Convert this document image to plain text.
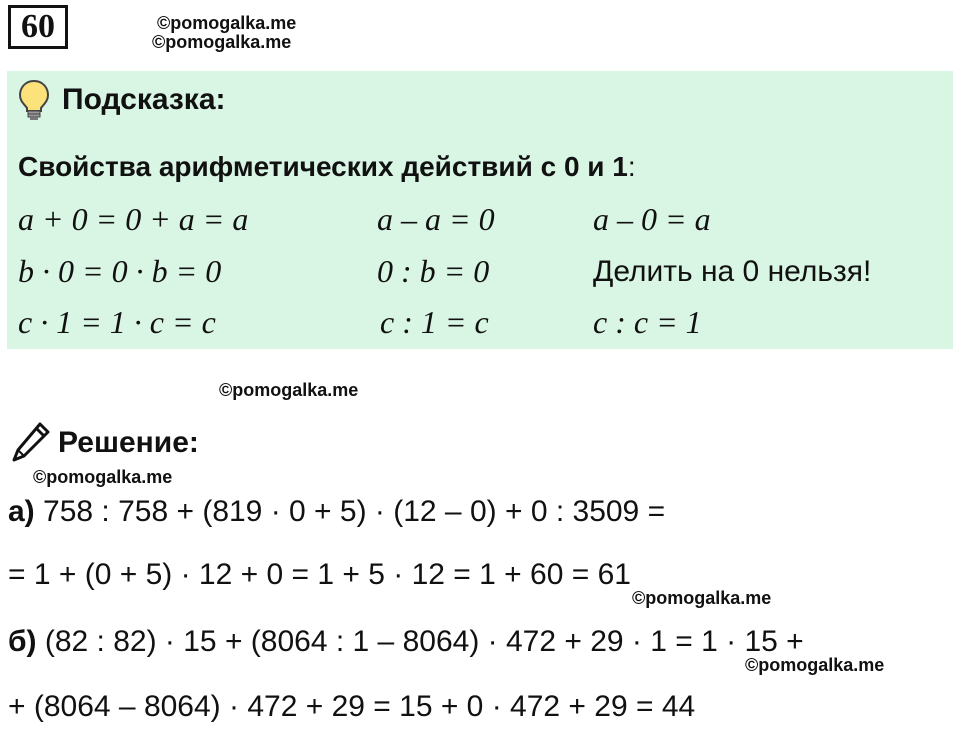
60	©pomogalka.me
©pomogalka.me
Подсказка:
Свойства арифметических действий с 0 и 1:
a + 0 = 0 + a = a	a – a = 0	a – 0 = a
b · 0 = 0 · b = 0	0 : b = 0	Делить на 0 нельзя!
c · 1 = 1 · c = c	c : 1 = c	c : c = 1
©pomogalka.me
Решение:
©pomogalka.me
а) 758 : 758 + (819 · 0 + 5) · (12 – 0) + 0 : 3509 =
= 1 + (0 + 5) · 12 + 0 = 1 + 5 · 12 = 1 + 60 = 61
©pomogalka.me
б) (82 : 82) · 15 + (8064 : 1 – 8064) · 472 + 29 · 1 = 1 · 15 +
©pomogalka.me
+ (8064 – 8064) · 472 + 29 = 15 + 0 · 472 + 29 = 44
